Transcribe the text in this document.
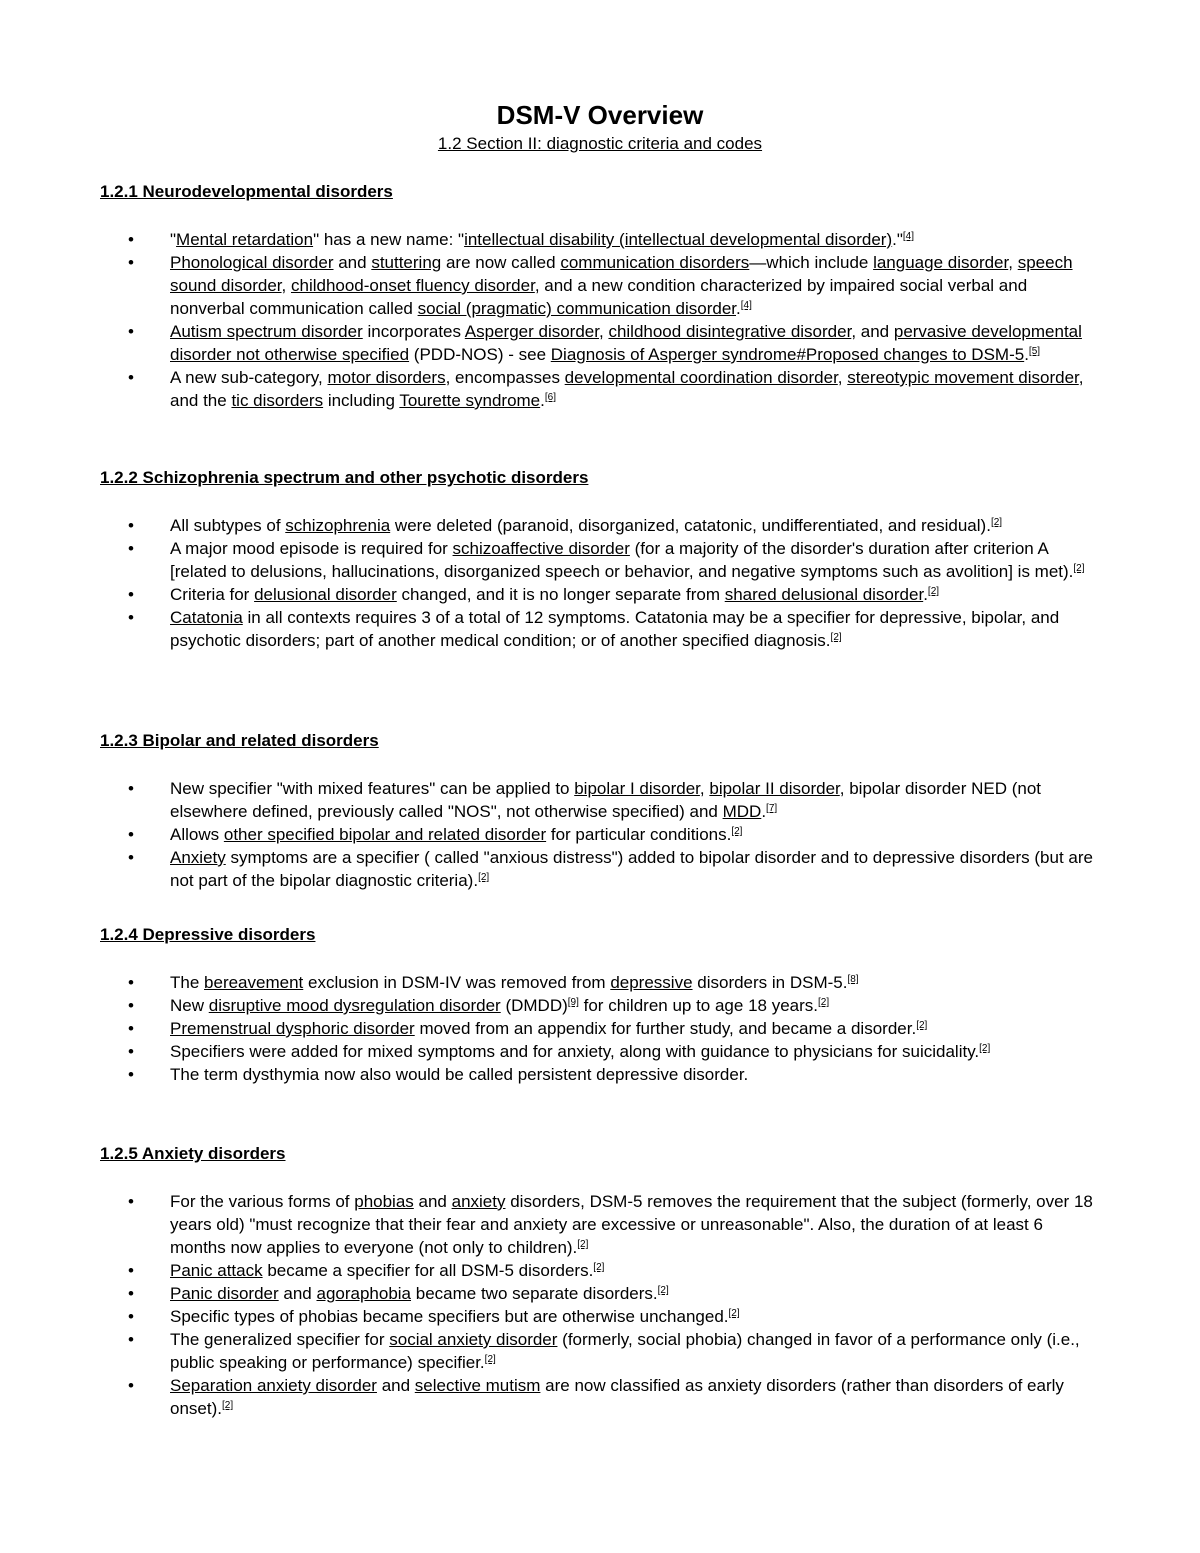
DSM-V Overview
1.2 Section II: diagnostic criteria and codes
1.2.1 Neurodevelopmental disorders
• "Mental retardation" has a new name: "intellectual disability (intellectual developmental disorder)."[4]
• Phonological disorder and stuttering are now called communication disorders—which include language disorder, speech sound disorder, childhood-onset fluency disorder, and a new condition characterized by impaired social verbal and nonverbal communication called social (pragmatic) communication disorder.[4]
• Autism spectrum disorder incorporates Asperger disorder, childhood disintegrative disorder, and pervasive developmental disorder not otherwise specified (PDD-NOS) - see Diagnosis of Asperger syndrome#Proposed changes to DSM-5.[5]
• A new sub-category, motor disorders, encompasses developmental coordination disorder, stereotypic movement disorder, and the tic disorders including Tourette syndrome.[6]
1.2.2 Schizophrenia spectrum and other psychotic disorders
• All subtypes of schizophrenia were deleted (paranoid, disorganized, catatonic, undifferentiated, and residual).[2]
• A major mood episode is required for schizoaffective disorder (for a majority of the disorder's duration after criterion A [related to delusions, hallucinations, disorganized speech or behavior, and negative symptoms such as avolition] is met).[2]
• Criteria for delusional disorder changed, and it is no longer separate from shared delusional disorder.[2]
• Catatonia in all contexts requires 3 of a total of 12 symptoms. Catatonia may be a specifier for depressive, bipolar, and psychotic disorders; part of another medical condition; or of another specified diagnosis.[2]
1.2.3 Bipolar and related disorders
• New specifier "with mixed features" can be applied to bipolar I disorder, bipolar II disorder, bipolar disorder NED (not elsewhere defined, previously called "NOS", not otherwise specified) and MDD.[7]
• Allows other specified bipolar and related disorder for particular conditions.[2]
• Anxiety symptoms are a specifier ( called "anxious distress") added to bipolar disorder and to depressive disorders (but are not part of the bipolar diagnostic criteria).[2]
1.2.4 Depressive disorders
• The bereavement exclusion in DSM-IV was removed from depressive disorders in DSM-5.[8]
• New disruptive mood dysregulation disorder (DMDD)[9] for children up to age 18 years.[2]
• Premenstrual dysphoric disorder moved from an appendix for further study, and became a disorder.[2]
• Specifiers were added for mixed symptoms and for anxiety, along with guidance to physicians for suicidality.[2]
• The term dysthymia now also would be called persistent depressive disorder.
1.2.5 Anxiety disorders
• For the various forms of phobias and anxiety disorders, DSM-5 removes the requirement that the subject (formerly, over 18 years old) "must recognize that their fear and anxiety are excessive or unreasonable". Also, the duration of at least 6 months now applies to everyone (not only to children).[2]
• Panic attack became a specifier for all DSM-5 disorders.[2]
• Panic disorder and agoraphobia became two separate disorders.[2]
• Specific types of phobias became specifiers but are otherwise unchanged.[2]
• The generalized specifier for social anxiety disorder (formerly, social phobia) changed in favor of a performance only (i.e., public speaking or performance) specifier.[2]
• Separation anxiety disorder and selective mutism are now classified as anxiety disorders (rather than disorders of early onset).[2]
